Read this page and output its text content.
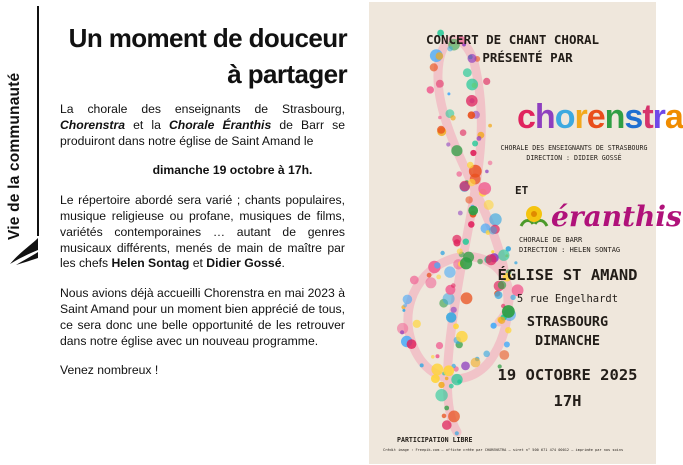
Vie de la communauté
Un moment de douceur
à partager

La chorale des enseignants de Strasbourg, Chorenstra et la Chorale Éranthis de Barr se produiront dans notre église de Saint Amand le

dimanche 19 octobre à 17h.

Le répertoire abordé sera varié ; chants populaires, musique religieuse ou profane, musiques de films, variétés contemporaines … autant de genres musicaux différents, menés de main de maître par les chefs Helen Sontag et Didier Gossé.

Nous avions déjà accueilli Chorenstra en mai 2023 à Saint Amand pour un moment bien apprécié de tous, ce sera donc une belle opportunité de les retrouver dans notre église avec un nouveau programme.

Venez nombreux !

CONCERT DE CHANT CHORAL
PRÉSENTÉ PAR
chorenstra
CHORALE DES ENSEIGNANTS DE STRASBOURG
DIRECTION : DIDIER GOSSÉ
ET
éranthis
CHORALE DE BARR
DIRECTION : HELEN SONTAG
ÉGLISE ST AMAND
5 rue Engelhardt
STRASBOURG
DIMANCHE
19 OCTOBRE 2025
17H
PARTICIPATION LIBRE
Crédit image : Freepik.com – affiche créée par CHORENSTRA – siret n° 500 671 474 00012 – imprimée par nos soins
